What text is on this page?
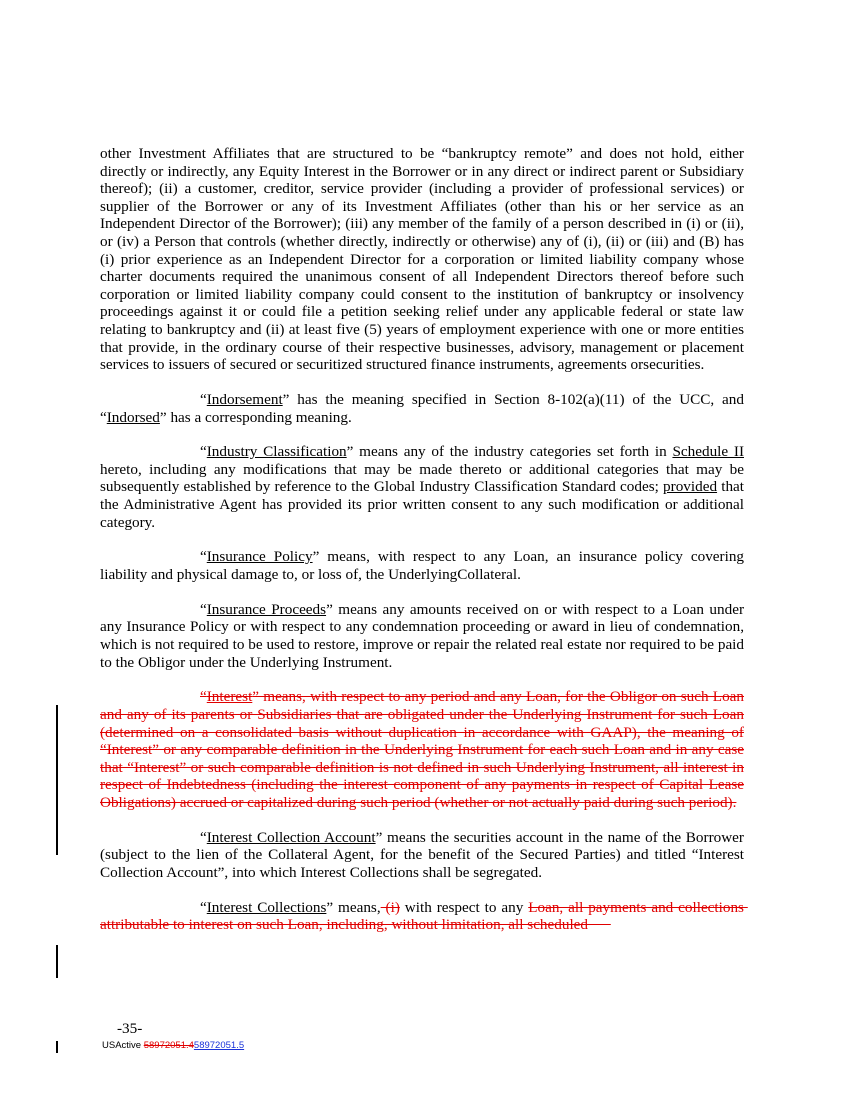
other Investment Affiliates that are structured to be “bankruptcy remote” and does not hold, either directly or indirectly, any Equity Interest in the Borrower or in any direct or indirect parent or Subsidiary thereof); (ii) a customer, creditor, service provider (including a provider of professional services) or supplier of the Borrower or any of its Investment Affiliates (other than his or her service as an Independent Director of the Borrower); (iii) any member of the family of a person described in (i) or (ii), or (iv) a Person that controls (whether directly, indirectly or otherwise) any of (i), (ii) or (iii) and (B) has (i) prior experience as an Independent Director for a corporation or limited liability company whose charter documents required the unanimous consent of all Independent Directors thereof before such corporation or limited liability company could consent to the institution of bankruptcy or insolvency proceedings against it or could file a petition seeking relief under any applicable federal or state law relating to bankruptcy and (ii) at least five (5) years of employment experience with one or more entities that provide, in the ordinary course of their respective businesses, advisory, management or placement services to issuers of secured or securitized structured finance instruments, agreements orsecurities.

“Indorsement” has the meaning specified in Section 8-102(a)(11) of the UCC, and “Indorsed” has a corresponding meaning.

“Industry Classification” means any of the industry categories set forth in Schedule II hereto, including any modifications that may be made thereto or additional categories that may be subsequently established by reference to the Global Industry Classification Standard codes; provided that the Administrative Agent has provided its prior written consent to any such modification or additional category.

“Insurance Policy” means, with respect to any Loan, an insurance policy covering liability and physical damage to, or loss of, the UnderlyingCollateral.

“Insurance Proceeds” means any amounts received on or with respect to a Loan under any Insurance Policy or with respect to any condemnation proceeding or award in lieu of condemnation, which is not required to be used to restore, improve or repair the related real estate nor required to be paid to the Obligor under the Underlying Instrument.

“Interest” means, with respect to any period and any Loan, for the Obligor on such Loan and any of its parents or Subsidiaries that are obligated under the Underlying Instrument for such Loan (determined on a consolidated basis without duplication in accordance with GAAP), the meaning of “Interest” or any comparable definition in the Underlying Instrument for each such Loan and in any case that “Interest” or such comparable definition is not defined in such Underlying Instrument, all interest in respect of Indebtedness (including the interest component of any payments in respect of Capital Lease Obligations) accrued or capitalized during such period (whether or not actually paid during such period).

“Interest Collection Account” means the securities account in the name of the Borrower (subject to the lien of the Collateral Agent, for the benefit of the Secured Parties) and titled “Interest Collection Account”, into which Interest Collections shall be segregated.

“Interest Collections” means, (i) with respect to any Loan, all payments and collections attributable to interest on such Loan, including, without limitation, all scheduled

-35-
USActive 58972051.458972051.5
